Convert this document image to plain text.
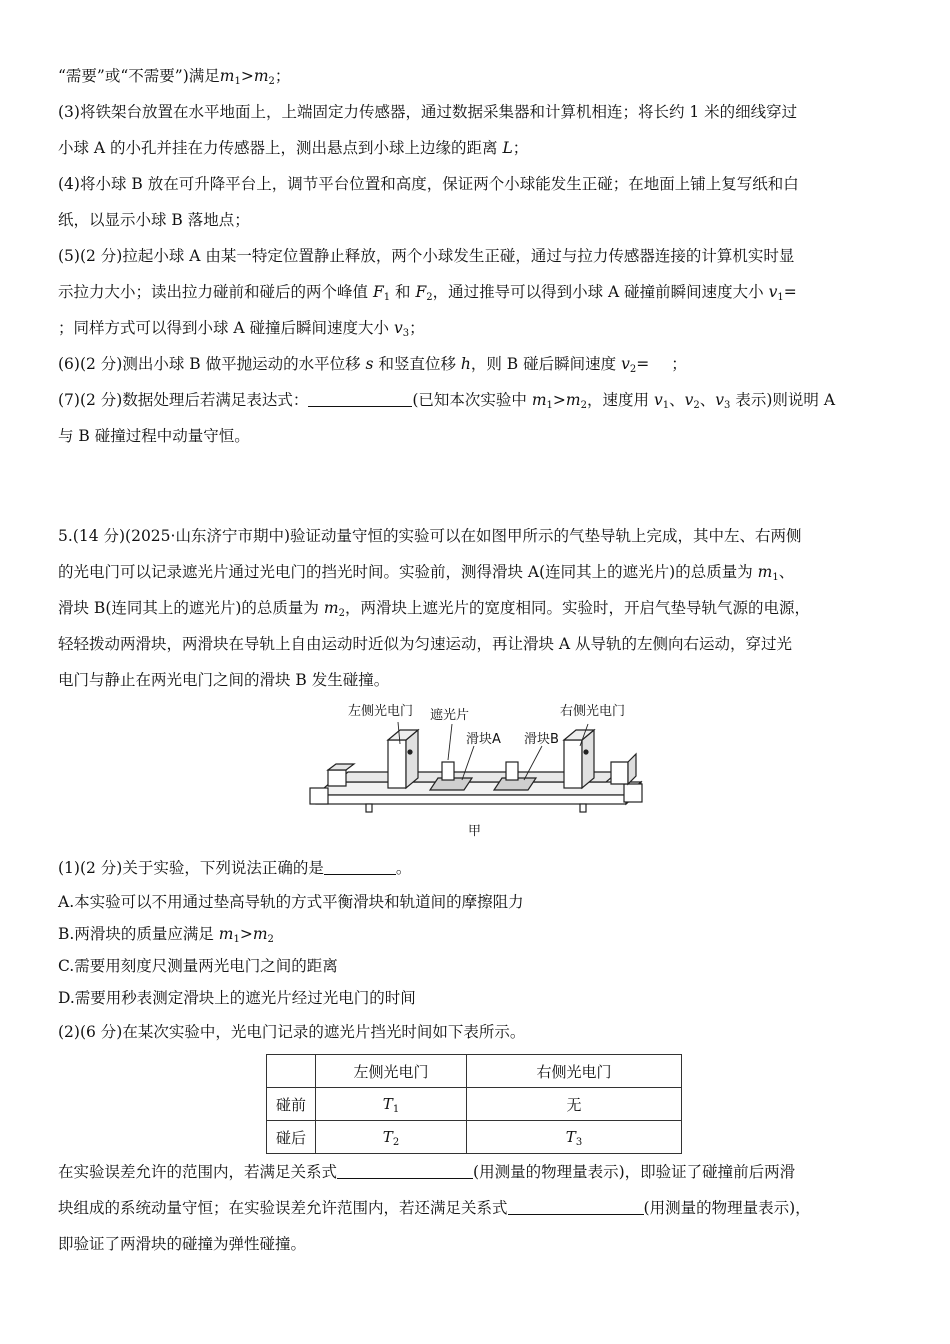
“需要”或“不需要”)满足$m_1>m_2$；

(3)将铁架台放置在水平地面上，上端固定力传感器，通过数据采集器和计算机相连；将长约 1 米的细线穿过

小球 A 的小孔并挂在力传感器上，测出悬点到小球上边缘的距离 L；

(4)将小球 B 放在可升降平台上，调节平台位置和高度，保证两个小球能发生正碰；在地面上铺上复写纸和白

纸，以显示小球 B 落地点；

(5)(2 分)拉起小球 A 由某一特定位置静止释放，两个小球发生正碰，通过与拉力传感器连接的计算机实时显

示拉力大小；读出拉力碰前和碰后的两个峰值 $F_1$ 和 $F_2$，通过推导可以得到小球 A 碰撞前瞬间速度大小 $v_1=$

；同样方式可以得到小球 A 碰撞后瞬间速度大小 $v_3$；

(6)(2 分)测出小球 B 做平抛运动的水平位移 s 和竖直位移 h，则 B 碰后瞬间速度 $v_2=$ ；

(7)(2 分)数据处理后若满足表达式：	(已知本次实验中 $m_1>m_2$，速度用 $v_1$、$v_2$、$v_3$ 表示)则说明 A

与 B 碰撞过程中动量守恒。

5.(14 分)(2025·山东济宁市期中)验证动量守恒的实验可以在如图甲所示的气垫导轨上完成，其中左、右两侧

的光电门可以记录遮光片通过光电门的挡光时间。实验前，测得滑块 A(连同其上的遮光片)的总质量为 $m_1$、

滑块 B(连同其上的遮光片)的总质量为 $m_2$，两滑块上遮光片的宽度相同。实验时，开启气垫导轨气源的电源，

轻轻拨动两滑块，两滑块在导轨上自由运动时近似为匀速运动，再让滑块 A 从导轨的左侧向右运动，穿过光

电门与静止在两光电门之间的滑块 B 发生碰撞。

左侧光电门 遮光片
滑块A 滑块B
右侧光电门
甲

(1)(2 分)关于实验，下列说法正确的是	。

A.本实验可以不用通过垫高导轨的方式平衡滑块和轨道间的摩擦阻力

B.两滑块的质量应满足 $m_1>m_2$

C.需要用刻度尺测量两光电门之间的距离

D.需要用秒表测定滑块上的遮光片经过光电门的时间

(2)(6 分)在某次实验中，光电门记录的遮光片挡光时间如下表所示。

	左侧光电门	右侧光电门
碰前	$T_1$	无
碰后	$T_2$	$T_3$

在实验误差允许的范围内，若满足关系式	(用测量的物理量表示)，即验证了碰撞前后两滑

块组成的系统动量守恒；在实验误差允许范围内，若还满足关系式	(用测量的物理量表示)，

即验证了两滑块的碰撞为弹性碰撞。
